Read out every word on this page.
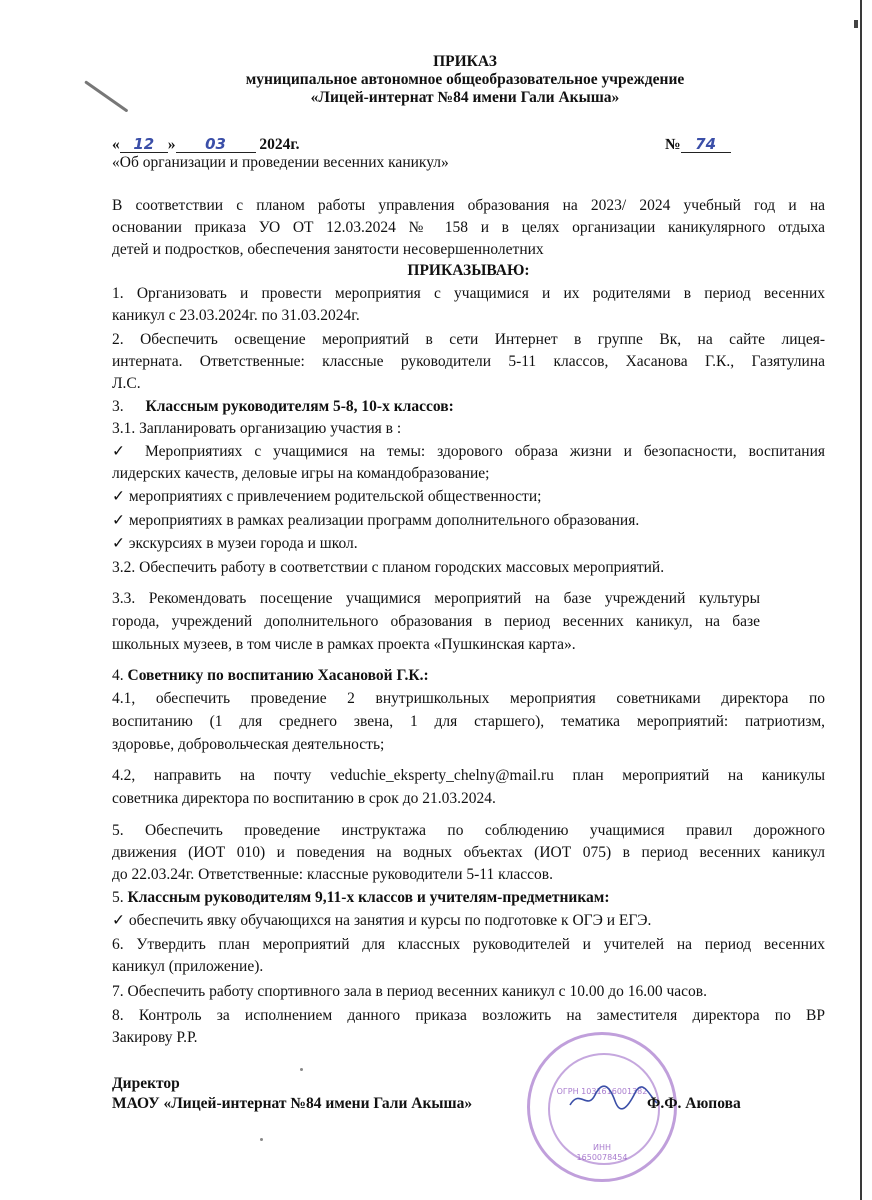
ПРИКАЗ
муниципальное автономное общеобразовательное учреждение
«Лицей-интернат №84 имени Гали Акыша»
« 12 » 03 2024г.	№ 74
«Об организации и проведении весенних каникул»
В соответствии с планом работы управления образования на 2023/ 2024 учебный год и на
основании приказа УО ОТ 12.03.2024 № 158 и в целях организации каникулярного отдыха
детей и подростков, обеспечения занятости несовершеннолетних
ПРИКАЗЫВАЮ:
1. Организовать и провести мероприятия с учащимися и их родителями в период весенних
каникул с 23.03.2024г. по 31.03.2024г.
2. Обеспечить освещение мероприятий в сети Интернет в группе Вк, на сайте лицея-
интерната. Ответственные: классные руководители 5-11 классов, Хасанова Г.К., Газятулина
Л.С.
3. Классным руководителям 5-8, 10-х классов:
3.1. Запланировать организацию участия в :
✓ Мероприятиях с учащимися на темы: здорового образа жизни и безопасности, воспитания
лидерских качеств, деловые игры на командобразование;
✓ мероприятиях с привлечением родительской общественности;
✓ мероприятиях в рамках реализации программ дополнительного образования.
✓ экскурсиях в музеи города и школ.
3.2. Обеспечить работу в соответствии с планом городских массовых мероприятий.
3.3. Рекомендовать посещение учащимися мероприятий на базе учреждений культуры
города, учреждений дополнительного образования в период весенних каникул, на базе
школьных музеев, в том числе в рамках проекта «Пушкинская карта».
4. Советнику по воспитанию Хасановой Г.К.:
4.1, обеспечить проведение 2 внутришкольных мероприятия советниками директора по
воспитанию (1 для среднего звена, 1 для старшего), тематика мероприятий: патриотизм,
здоровье, добровольческая деятельность;
4.2, направить на почту veduchie_eksperty_chelny@mail.ru план мероприятий на каникулы
советника директора по воспитанию в срок до 21.03.2024.
5. Обеспечить проведение инструктажа по соблюдению учащимися правил дорожного
движения (ИОТ 010) и поведения на водных объектах (ИОТ 075) в период весенних каникул
до 22.03.24г. Ответственные: классные руководители 5-11 классов.
5. Классным руководителям 9,11-х классов и учителям-предметникам:
✓ обеспечить явку обучающихся на занятия и курсы по подготовке к ОГЭ и ЕГЭ.
6. Утвердить план мероприятий для классных руководителей и учителей на период весенних
каникул (приложение).
7. Обеспечить работу спортивного зала в период весенних каникул с 10.00 до 16.00 часов.
8. Контроль за исполнением данного приказа возложить на заместителя директора по ВР
Закирову Р.Р.
ОГРН 1031616001​382
ИНН
1650078454
Директор
МАОУ «Лицей-интернат №84 имени Гали Акыша»	Ф.Ф. Аюпова
